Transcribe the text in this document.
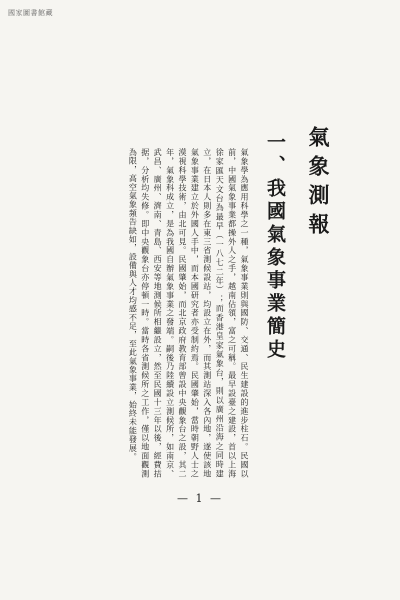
國家圖書館藏
氣象測報
一、我國氣象事業簡史
氣象學為應用科學之一種，氣象事業則與國防、交通、民生建設的進步柱石。民國以前，中國氣象事業都操外人之手，越南佔領，富之可稱。最早設臺之建設，首以上海徐家匯天文台為最早（一八七二年）；而香港皇家氣象台，則以廣州沿海之同時建立，在日本人則多在東三省測候設站，均設立在外，而其測站深入各內地，遂使該地氣象事業建立於外國人手中，而本國研究者亦受制約焉。民國肇始，當時朝野人士之漠視科學技術，由北可見。民國肇始，而北京政府教育部曾設中央觀象台之設，其二年，氣象科成立，是為我國自辦氣象事業之發端。嗣後乃陸續設立測候所，如南京、武昌、廣州、濟南、青島、西安等地測候所相繼設立，然至民國十三年以後，經費拮据，分析均失修。即中央觀象台亦停頓一時。當時各省測候所之工作，僅以地面觀測為限，高空氣象頻告缺如，設備與人才均感不足，至此氣象事業，始終未能發展。
— 1 —
